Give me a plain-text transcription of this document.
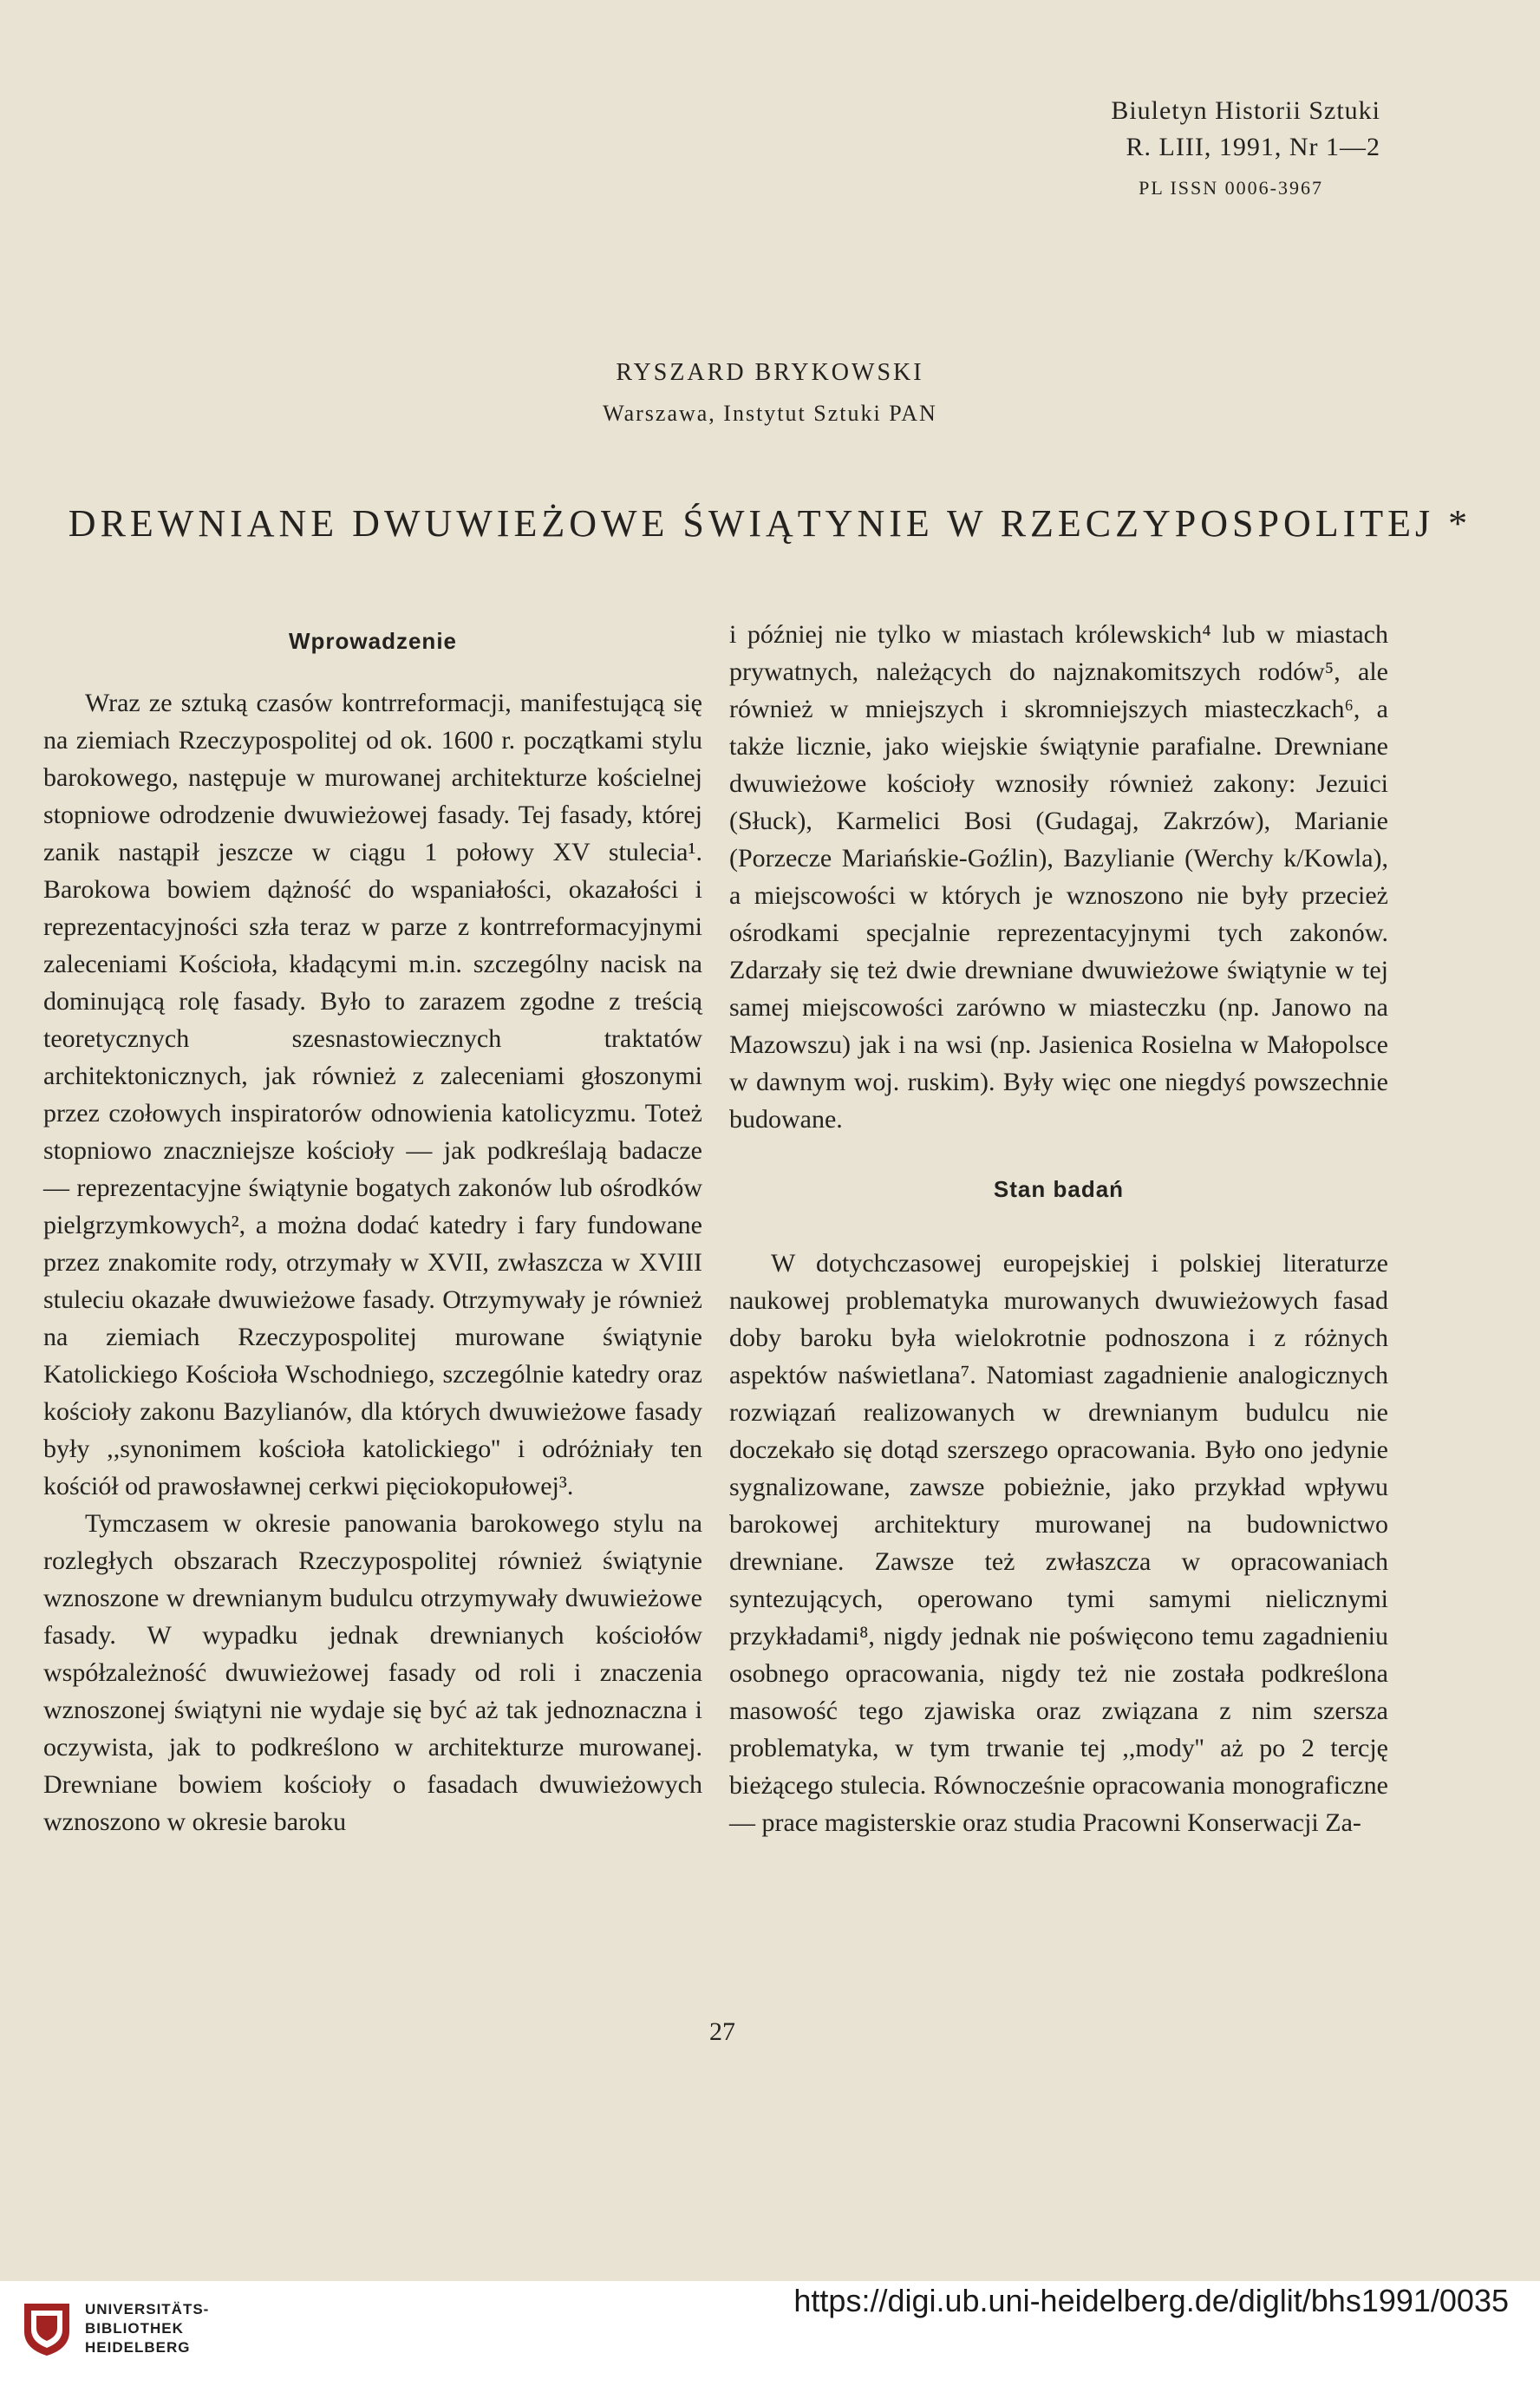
Biuletyn Historii Sztuki
R. LIII, 1991, Nr 1—2
PL ISSN 0006-3967
RYSZARD BRYKOWSKI
Warszawa, Instytut Sztuki PAN
DREWNIANE DWUWIEŻOWE ŚWIĄTYNIE W RZECZYPOSPOLITEJ *
Wprowadzenie

Wraz ze sztuką czasów kontrreformacji, manifestującą się na ziemiach Rzeczypospolitej od ok. 1600 r. początkami stylu barokowego, następuje w murowanej architekturze kościelnej stopniowe odrodzenie dwuwieżowej fasady. Tej fasady, której zanik nastąpił jeszcze w ciągu 1 połowy XV stulecia¹. Barokowa bowiem dążność do wspaniałości, okazałości i reprezentacyjności szła teraz w parze z kontrreformacyjnymi zaleceniami Kościoła, kładącymi m.in. szczególny nacisk na dominującą rolę fasady. Było to zarazem zgodne z treścią teoretycznych szesnastowiecznych traktatów architektonicznych, jak również z zaleceniami głoszonymi przez czołowych inspiratorów odnowienia katolicyzmu. Toteż stopniowo znaczniejsze kościoły — jak podkreślają badacze — reprezentacyjne świątynie bogatych zakonów lub ośrodków pielgrzymkowych², a można dodać katedry i fary fundowane przez znakomite rody, otrzymały w XVII, zwłaszcza w XVIII stuleciu okazałe dwuwieżowe fasady. Otrzymywały je również na ziemiach Rzeczypospolitej murowane świątynie Katolickiego Kościoła Wschodniego, szczególnie katedry oraz kościoły zakonu Bazylianów, dla których dwuwieżowe fasady były ,,synonimem kościoła katolickiego'' i odróżniały ten kościół od prawosławnej cerkwi pięciokopułowej³.

Tymczasem w okresie panowania barokowego stylu na rozległych obszarach Rzeczypospolitej również świątynie wznoszone w drewnianym budulcu otrzymywały dwuwieżowe fasady. W wypadku jednak drewnianych kościołów współzależność dwuwieżowej fasady od roli i znaczenia wznoszonej świątyni nie wydaje się być aż tak jednoznaczna i oczywista, jak to podkreślono w architekturze murowanej. Drewniane bowiem kościoły o fasadach dwuwieżowych wznoszono w okresie baroku

i później nie tylko w miastach królewskich⁴ lub w miastach prywatnych, należących do najznakomitszych rodów⁵, ale również w mniejszych i skromniejszych miasteczkach⁶, a także licznie, jako wiejskie świątynie parafialne. Drewniane dwuwieżowe kościoły wznosiły również zakony: Jezuici (Słuck), Karmelici Bosi (Gudagaj, Zakrzów), Marianie (Porzecze Mariańskie-Goźlin), Bazylianie (Werchy k/Kowla), a miejscowości w których je wznoszono nie były przecież ośrodkami specjalnie reprezentacyjnymi tych zakonów. Zdarzały się też dwie drewniane dwuwieżowe świątynie w tej samej miejscowości zarówno w miasteczku (np. Janowo na Mazowszu) jak i na wsi (np. Jasienica Rosielna w Małopolsce w dawnym woj. ruskim). Były więc one niegdyś powszechnie budowane.

Stan badań

W dotychczasowej europejskiej i polskiej literaturze naukowej problematyka murowanych dwuwieżowych fasad doby baroku była wielokrotnie podnoszona i z różnych aspektów naświetlana⁷. Natomiast zagadnienie analogicznych rozwiązań realizowanych w drewnianym budulcu nie doczekało się dotąd szerszego opracowania. Było ono jedynie sygnalizowane, zawsze pobieżnie, jako przykład wpływu barokowej architektury murowanej na budownictwo drewniane. Zawsze też zwłaszcza w opracowaniach syntezujących, operowano tymi samymi nielicznymi przykładami⁸, nigdy jednak nie poświęcono temu zagadnieniu osobnego opracowania, nigdy też nie została podkreślona masowość tego zjawiska oraz związana z nim szersza problematyka, w tym trwanie tej ,,mody'' aż po 2 tercję bieżącego stulecia. Równocześnie opracowania monograficzne — prace magisterskie oraz studia Pracowni Konserwacji Za-

27
UNIVERSITÄTS-
BIBLIOTHEK
HEIDELBERG
https://digi.ub.uni-heidelberg.de/diglit/bhs1991/0035
